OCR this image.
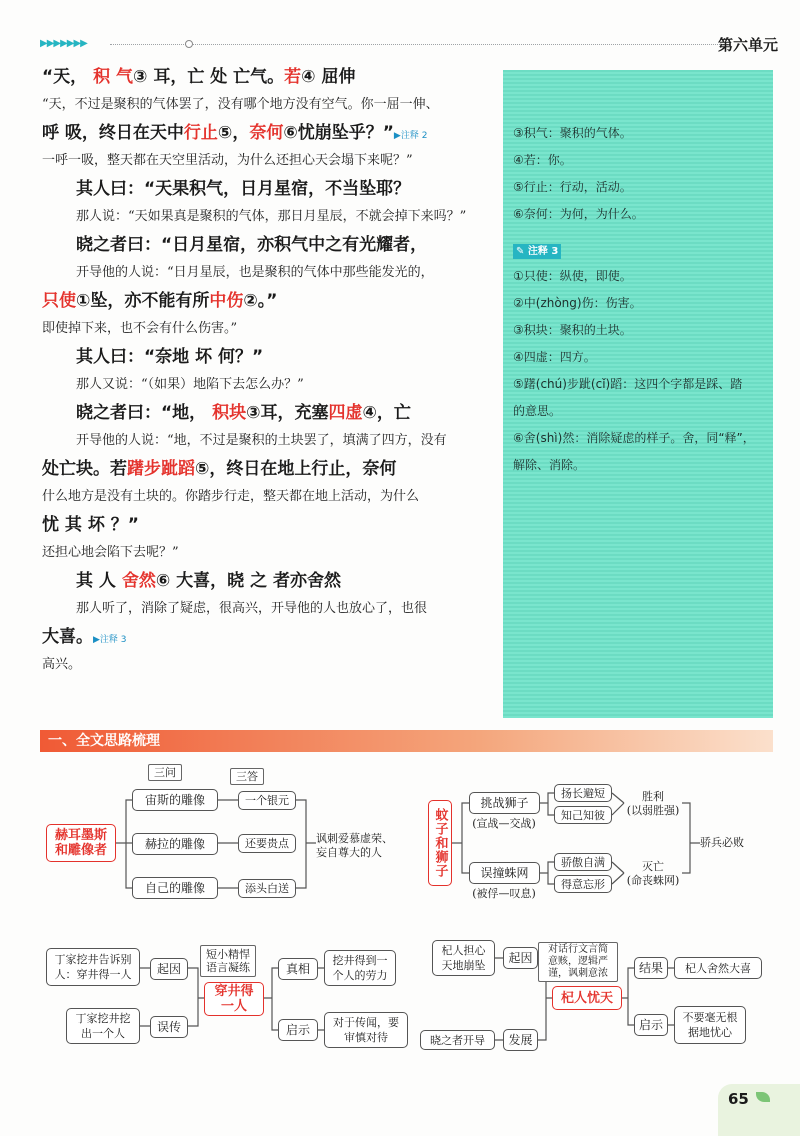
▶▶▶▶▶▶▶	第六单元
“天， 积 气③ 耳，亡 处 亡气。若④ 屈伸
“天，不过是聚积的气体罢了，没有哪个地方没有空气。你一屈一伸、
呼 吸，终日在天中行止⑤，奈何⑥忧崩坠乎？”▶注释 2
一呼一吸，整天都在天空里活动，为什么还担心天会塌下来呢？”
其人曰：“天果积气，日月星宿，不当坠耶？
那人说：“天如果真是聚积的气体，那日月星辰，不就会掉下来吗？”
晓之者曰：“日月星宿，亦积气中之有光耀者，
开导他的人说：“日月星辰，也是聚积的气体中那些能发光的，
只使①坠，亦不能有所中伤②。”
即使掉下来，也不会有什么伤害。”
其人曰：“奈地 坏 何？”
那人又说：“（如果）地陷下去怎么办？”
晓之者曰：“地， 积块③耳，充塞四虚④，亡
开导他的人说：“地，不过是聚积的土块罢了，填满了四方，没有
处亡块。若躇步跐蹈⑤，终日在地上行止，奈何
什么地方是没有土块的。你踏步行走，整天都在地上活动，为什么
忧 其 坏 ？”
还担心地会陷下去呢？”
其 人 舍然⑥ 大喜，晓 之 者亦舍然
那人听了，消除了疑虑，很高兴，开导他的人也放心了，也很
大喜。▶注释 3
高兴。
③积气：聚积的气体。
④若：你。
⑤行止：行动，活动。
⑥奈何：为何，为什么。
✎ 注释 3
①只使：纵使，即使。
②中(zhòng)伤：伤害。
③积块：聚积的土块。
④四虚：四方。
⑤躇(chú)步跐(cǐ)蹈：这四个字都是踩、踏
的意思。
⑥舍(shì)然：消除疑虑的样子。舍，同“释”，
解除、消除。
一、全文思路梳理
赫耳墨斯
和雕像者
三问	三答
宙斯的雕像
赫拉的雕像
自己的雕像
一个银元
还要贵点
添头白送
讽刺爱慕虚荣、
妄自尊大的人	蚊子和狮子
挑战狮子
(宣战—交战)
误撞蛛网
(被俘—叹息)
扬长避短
知己知彼
骄傲自满
得意忘形
胜利
(以弱胜强)
灭亡
(命丧蛛网)
骄兵必败
丁家挖井告诉别
人：穿井得一人
丁家挖井挖
出一个人
起因
误传
短小精悍
语言凝练
穿井得
一人
真相
启示
挖井得到一
个人的劳力
对于传闻，要
审慎对待
杞人担心
天地崩坠
晓之者开导
起因
发展
对话行文言简
意赅，逻辑严
谨，讽刺意浓
杞人忧天
结果
启示
杞人舍然大喜
不要毫无根
据地忧心
65
